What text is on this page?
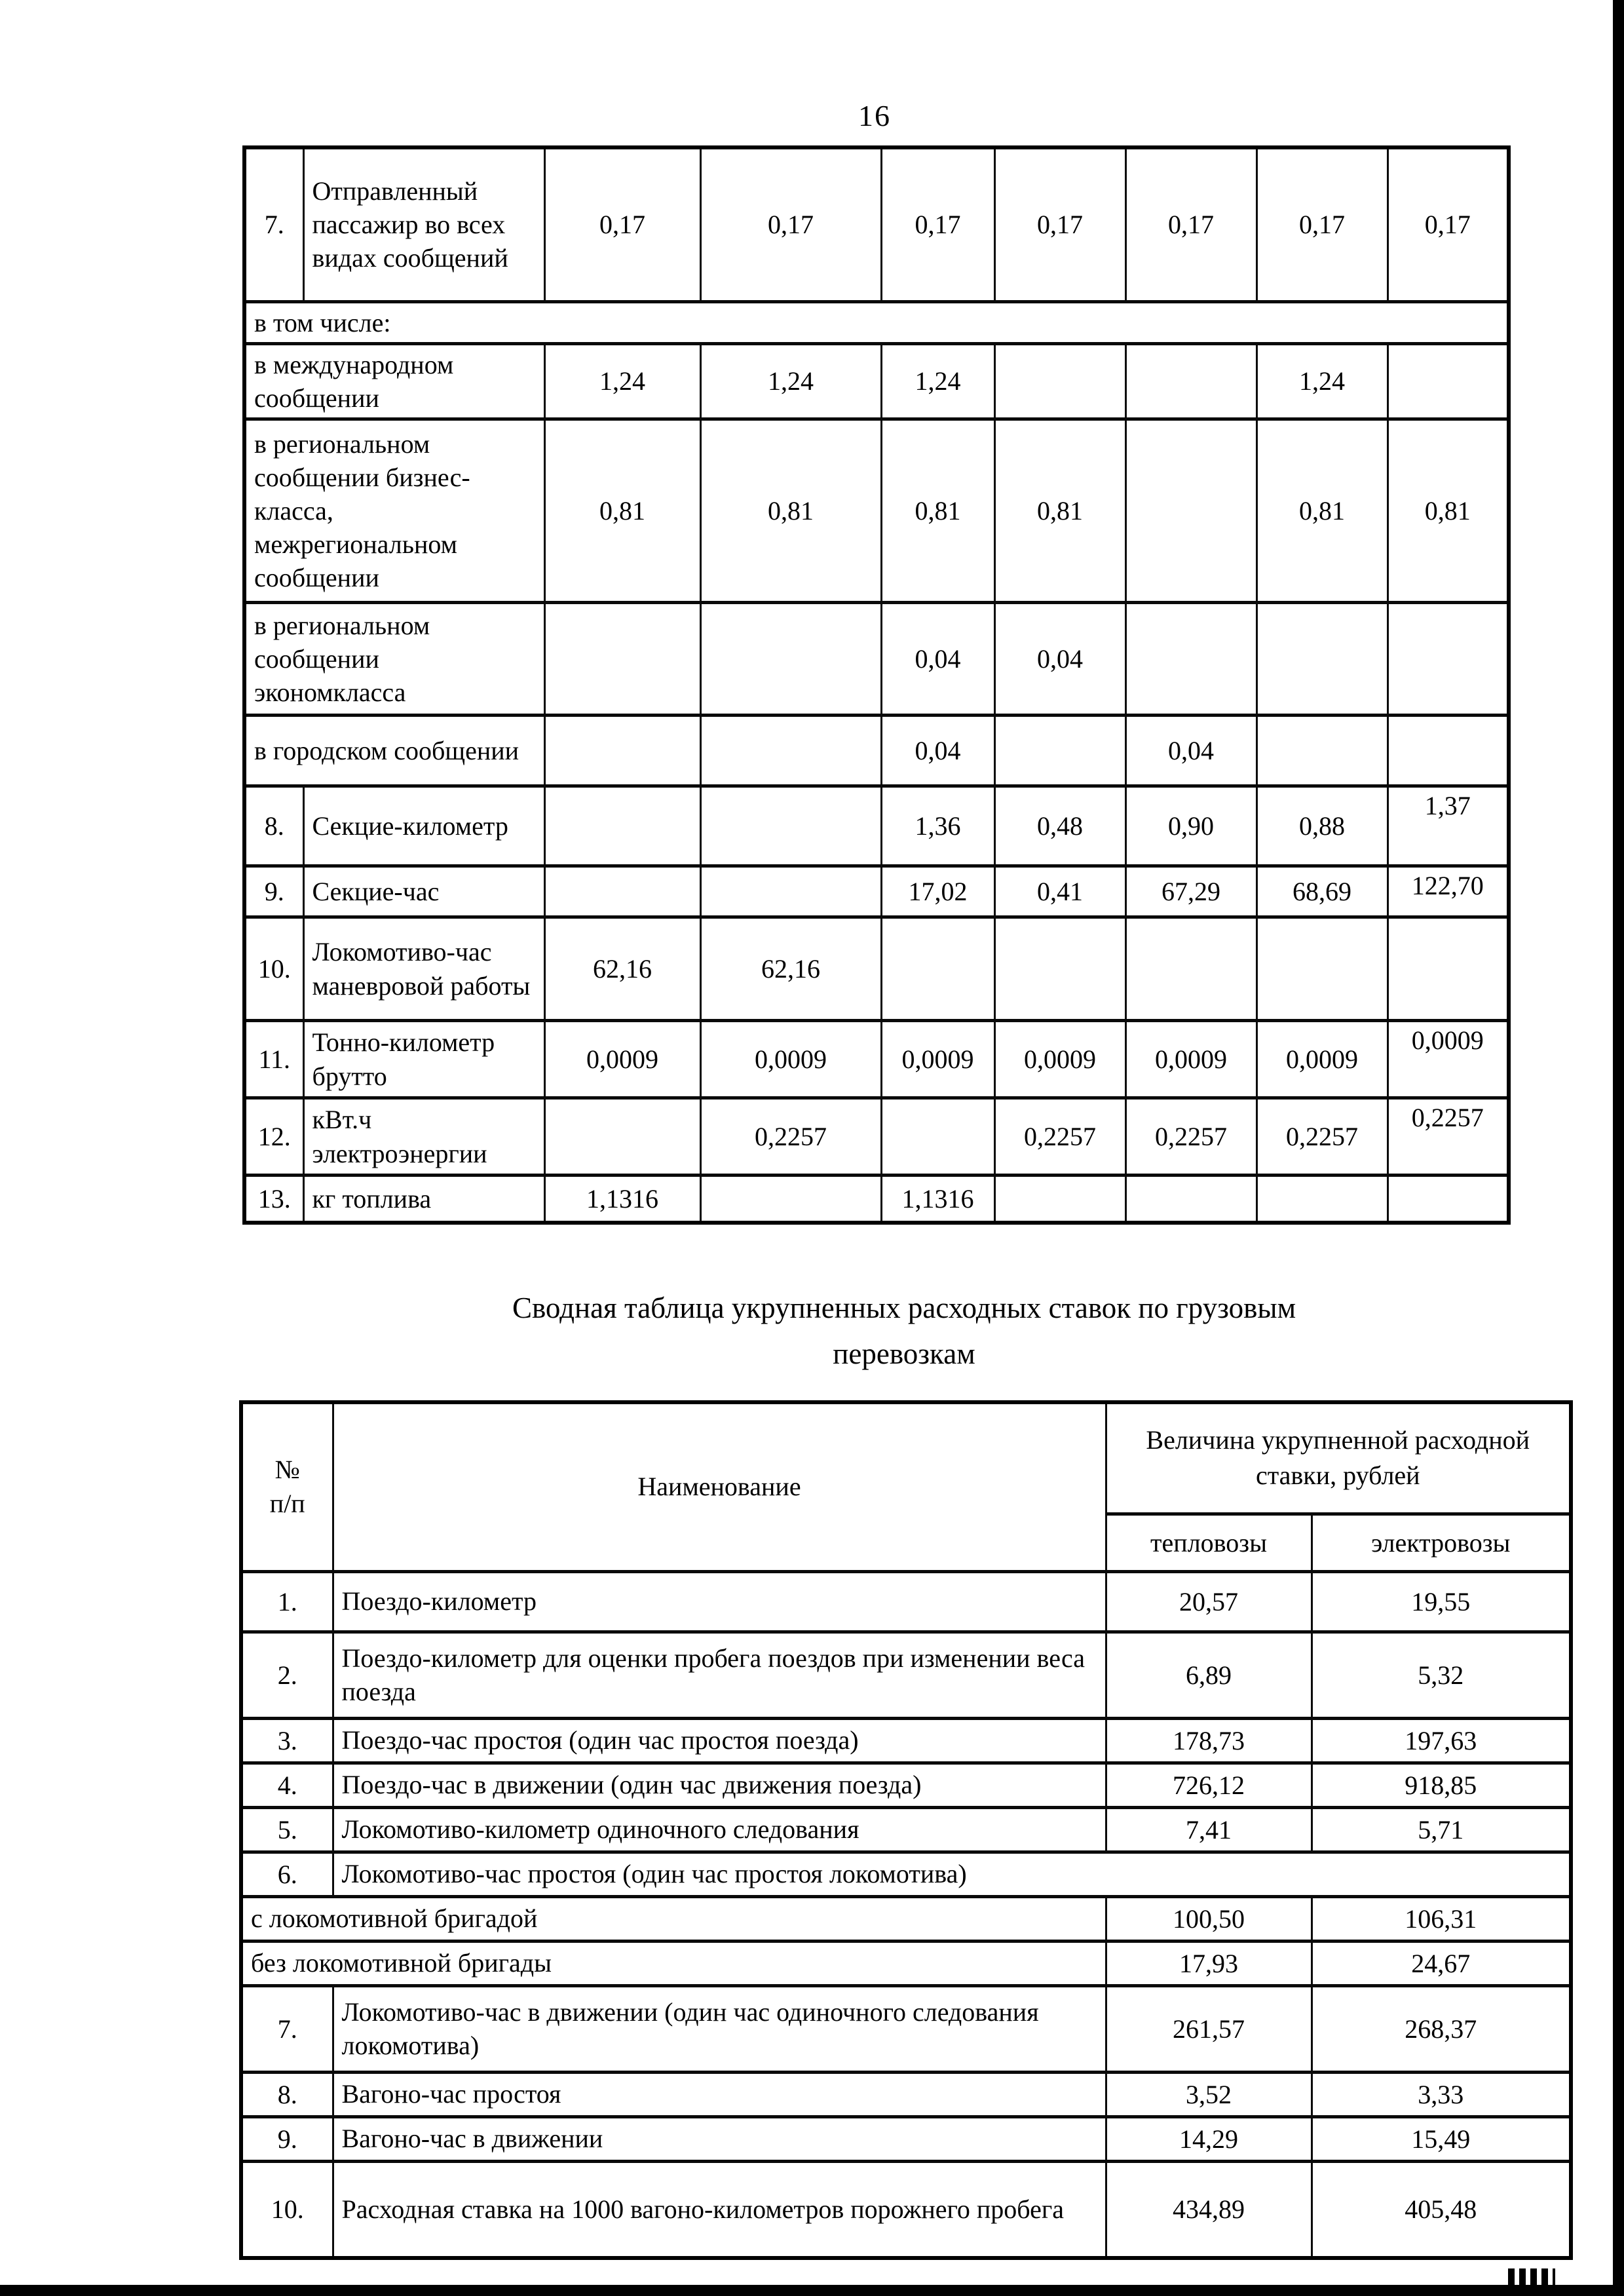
16
7.	Отправленный пассажир во всех видах сообщений	0,17	0,17	0,17	0,17	0,17	0,17	0,17
в том числе:								
в международном сообщении		1,24	1,24	1,24			1,24	
в региональном сообщении бизнес-класса, межрегиональном сообщении		0,81	0,81	0,81	0,81		0,81	0,81
в региональном сообщении экономкласса				0,04	0,04			
в городском сообщении				0,04		0,04		
8.	Секцие-километр			1,36	0,48	0,90	0,88	1,37
9.	Секцие-час			17,02	0,41	67,29	68,69	122,70
10.	Локомотиво-час маневровой работы	62,16	62,16					
11.	Тонно-километр брутто	0,0009	0,0009	0,0009	0,0009	0,0009	0,0009	0,0009
12.	кВт.ч электроэнергии		0,2257		0,2257	0,2257	0,2257	0,2257
13.	кг топлива	1,1316		1,1316				
Сводная таблица укрупненных расходных ставок по грузовым
перевозкам
№
п/п	Наименование	Величина укрупненной расходной ставки, рублей	
		тепловозы	электровозы
1.	Поездо-километр	20,57	19,55
2.	Поездо-километр для оценки пробега поездов при изменении веса поезда	6,89	5,32
3.	Поездо-час простоя (один час простоя поезда)	178,73	197,63
4.	Поездо-час в движении (один час движения поезда)	726,12	918,85
5.	Локомотиво-километр одиночного следования	7,41	5,71
6.	Локомотиво-час простоя (один час простоя локомотива)		
с локомотивной бригадой		100,50	106,31
без локомотивной бригады		17,93	24,67
7.	Локомотиво-час в движении (один час одиночного следования локомотива)	261,57	268,37
8.	Вагоно-час простоя	3,52	3,33
9.	Вагоно-час в движении	14,29	15,49
10.	Расходная ставка на 1000 вагоно-километров порожнего пробега	434,89	405,48
